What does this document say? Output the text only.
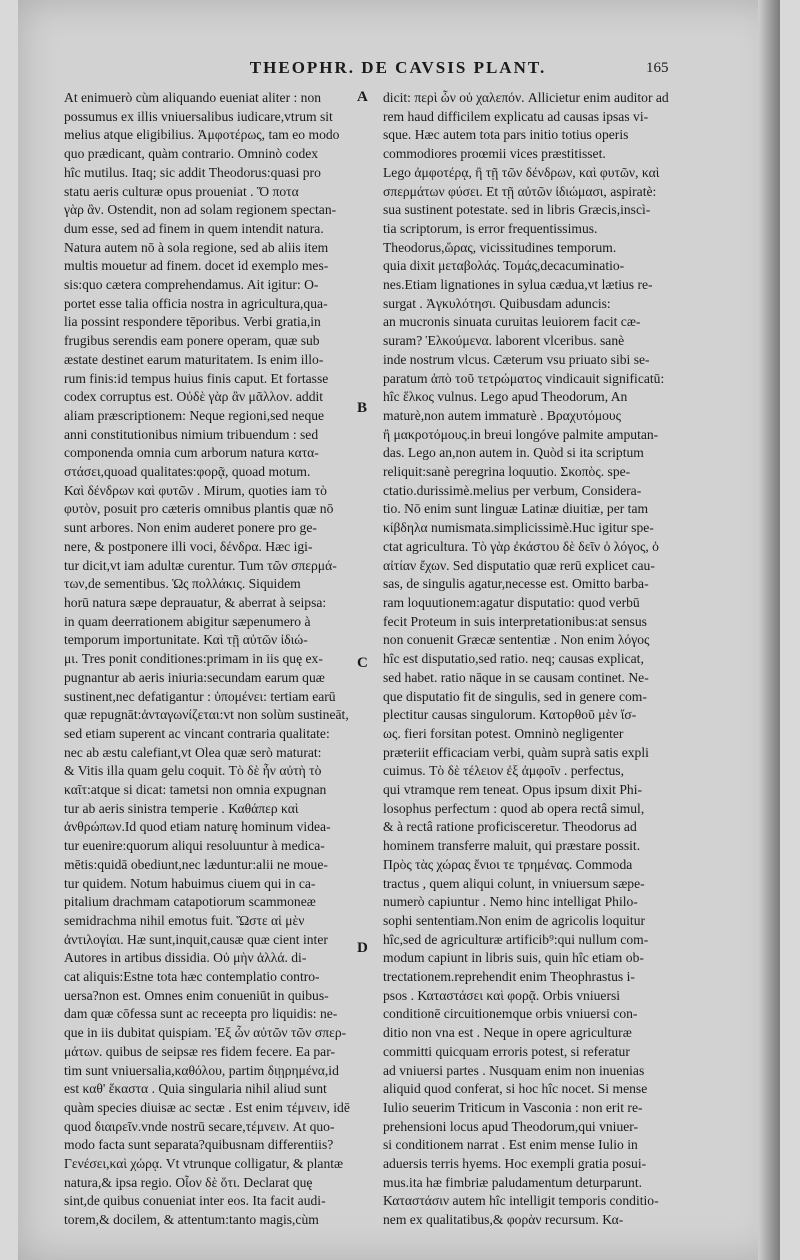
THEOPHR. DE CAVSIS PLANT.	165
A
B
C
D
At enimuerò cùm aliquando eueniat aliter : non
possumus ex illis vniuersalibus iudicare,vtrum sit
melius atque eligibilius. Ἀμφοτέρως, tam eo modo
quo prædicant, quàm contrario. Omninò codex
hîc mutilus. Itaq; sic addit Theodorus:quasi pro
statu aeris culturæ opus proueniat . Ὅ ποτα
γὰρ ἂν. Ostendit, non ad solam regionem spectan-
dum esse, sed ad finem in quem intendit natura.
Natura autem nō à sola regione, sed ab aliis item
multis mouetur ad finem. docet id exemplo mes-
sis:quo cætera comprehendamus. Ait igitur: O-
portet esse talia officia nostra in agricultura,qua-
lia possint respondere tēporibus. Verbi gratia,in
frugibus serendis eam ponere operam, quæ sub
æstate destinet earum maturitatem. Is enim illo-
rum finis:id tempus huius finis caput. Et fortasse
codex corruptus est. Οὐδὲ γὰρ ἂν μᾶλλον. addit
aliam præscriptionem: Neque regioni,sed neque
anni constitutionibus nimium tribuendum : sed
componenda omnia cum arborum natura κατα-
στάσει,quoad qualitates:φορᾷ, quoad motum.
Καὶ δένδρων καὶ φυτῶν . Mirum, quoties iam τὸ
φυτὸν, posuit pro cæteris omnibus plantis quæ nō
sunt arbores. Non enim auderet ponere pro ge-
nere, & postponere illi voci, δένδρα. Hæc igi-
tur dicit,vt iam adultæ curentur. Tum τῶν σπερμά-
των,de sementibus. Ὡς πολλάκις. Siquidem
horū natura sæpe deprauatur, & aberrat à seipsa:
in quam deerrationem abigitur sæpenumero à
temporum importunitate. Καὶ τῇ αὐτῶν ἰδιώ-
μι. Tres ponit conditiones:primam in iis quę ex-
pugnantur ab aeris iniuria:secundam earum quæ
sustinent,nec defatigantur : ὑπομένει: tertiam earū
quæ repugnāt:ἀνταγωνίζεται:vt non solùm sustineāt,
sed etiam superent ac vincant contraria qualitate:
nec ab æstu calefiant,vt Olea quæ serò maturat:
& Vitis illa quam gelu coquit. Τὸ δὲ ἦν αὐτὴ τὸ
καῖτ:atque si dicat: tametsi non omnia expugnan
tur ab aeris sinistra temperie . Καθάπερ καὶ
ἀνθρώπων.Id quod etiam naturę hominum videa-
tur euenire:quorum aliqui resoluuntur à medica-
mētis:quidā obediunt,nec læduntur:alii ne moue-
tur quidem. Notum habuimus ciuem qui in ca-
pitalium drachmam catapotiorum scammoneæ
semidrachma nihil emotus fuit. Ὥστε αἱ μὲν
ἀντιλογίαι. Hæ sunt,inquit,causæ quæ cient inter
Autores in artibus dissidia. Οὐ μὴν ἀλλά. di-
cat aliquis:Estne tota hæc contemplatio contro-
uersa?non est. Omnes enim conueniūt in quibus-
dam quæ cōfessa sunt ac receepta pro liquidis: ne-
que in iis dubitat quispiam. Ἐξ ὧν αὐτῶν τῶν σπερ-
μάτων. quibus de seipsæ res fidem fecere. Ea par-
tim sunt vniuersalia,καθόλου, partim διῃρημένα,id
est καθ' ἕκαστα . Quia singularia nihil aliud sunt
quàm species diuisæ ac sectæ . Est enim τέμνειν, idē
quod διαιρεῖν.vnde nostrū secare,τέμνειν. At quo-
modo facta sunt separata?quibusnam differentiis?
Γενέσει,καὶ χώρᾳ. Vt vtrunque colligatur, & plantæ
natura,& ipsa regio. Οἷον δὲ ὅτι. Declarat quę
sint,de quibus conueniat inter eos. Ita facit audi-
torem,& docilem, & attentum:tanto magis,cùm
dicit: περὶ ὧν οὐ χαλεπόν. Allicietur enim auditor ad
rem haud difficilem explicatu ad causas ipsas vi-
sque. Hæc autem tota pars initio totius operis
commodiores proœmii vices præstitisset.
Lego ἀμφοτέρᾳ, ἢ τῇ τῶν δένδρων, καὶ φυτῶν, καὶ
σπερμάτων φύσει. Et τῇ αὐτῶν ἰδιώμασι, aspiratè:
sua sustinent potestate. sed in libris Græcis,inscì-
tia scriptorum, is error frequentissimus.
Theodorus,ὥρας, vicissitudines temporum.
quia dixit μεταβολάς. Τομάς,decacuminatio-
nes.Etiam lignationes in sylua cædua,vt lætius re-
surgat . Ἀγκυλότησι. Quibusdam aduncis:
an mucronis sinuata curuitas leuiorem facit cæ-
suram? Ἑλκούμενα. laborent vlceribus. sanè
inde nostrum vlcus. Cæterum vsu priuato sibi se-
paratum ἀπὸ τοῦ τετρώματος vindicauit significatū:
hîc ἕλκος vulnus. Lego apud Theodorum, An
maturè,non autem immaturè . Βραχυτόμους
ἢ μακροτόμους.in breui longóve palmite amputan-
das. Lego an,non autem in. Quòd si ita scriptum
reliquit:sanè peregrina loquutio. Σκοπὸς. spe-
ctatio.durissimè.melius per verbum, Considera-
tio. Nō enim sunt linguæ Latinæ diuitiæ, per tam
κίβδηλα numismata.simplicissimè.Huc igitur spe-
ctat agricultura. Τὸ γὰρ ἐκάστου δὲ δεῖν ὁ λόγος, ὁ
αἰτίαν ἔχων. Sed disputatio quæ rerū explicet cau-
sas, de singulis agatur,necesse est. Omitto barba-
ram loquutionem:agatur disputatio: quod verbū
fecit Proteum in suis interpretationibus:at sensus
non conuenit Græcæ sententiæ . Non enim λόγος
hîc est disputatio,sed ratio. neq; causas explicat,
sed habet. ratio nāque in se causam continet. Ne-
que disputatio fit de singulis, sed in genere com-
plectitur causas singulorum. Κατορθοῦ μὲν ἴσ-
ως. fieri forsitan potest. Omninò negligenter
præteriit efficaciam verbi, quàm suprà satis expli
cuimus. Τὸ δὲ τέλειον ἐξ ἀμφοῖν . perfectus,
qui vtramque rem teneat. Opus ipsum dixit Phi-
losophus perfectum : quod ab opera rectâ simul,
& à rectâ ratione proficisceretur. Theodorus ad
hominem transferre maluit, qui præstare possit.
Πρὸς τὰς χώρας ἔνιοι τε τρημένας. Commoda
tractus , quem aliqui colunt, in vniuersum sæpe-
numerò capiuntur . Nemo hinc intelligat Philo-
sophi sententiam.Non enim de agricolis loquitur
hîc,sed de agriculturæ artificib⁹:qui nullum com-
modum capiunt in libris suis, quin hîc etiam ob-
trectationem.reprehendit enim Theophrastus i-
psos . Καταστάσει καὶ φορᾷ. Orbis vniuersi
conditionē circuitionemque orbis vniuersi con-
ditio non vna est . Neque in opere agriculturæ
committi quicquam erroris potest, si referatur
ad vniuersi partes . Nusquam enim non inuenias
aliquid quod conferat, si hoc hîc nocet. Si mense
Iulio seuerim Triticum in Vasconia : non erit re-
prehensioni locus apud Theodorum,qui vniuer-
si conditionem narrat . Est enim mense Iulio in
aduersis terris hyems. Hoc exempli gratia posui-
mus.ita hæ fimbriæ paludamentum deturparunt.
Καταστάσιν autem hîc intelligit temporis conditio-
nem ex qualitatibus,& φορὰν recursum. Κα-
